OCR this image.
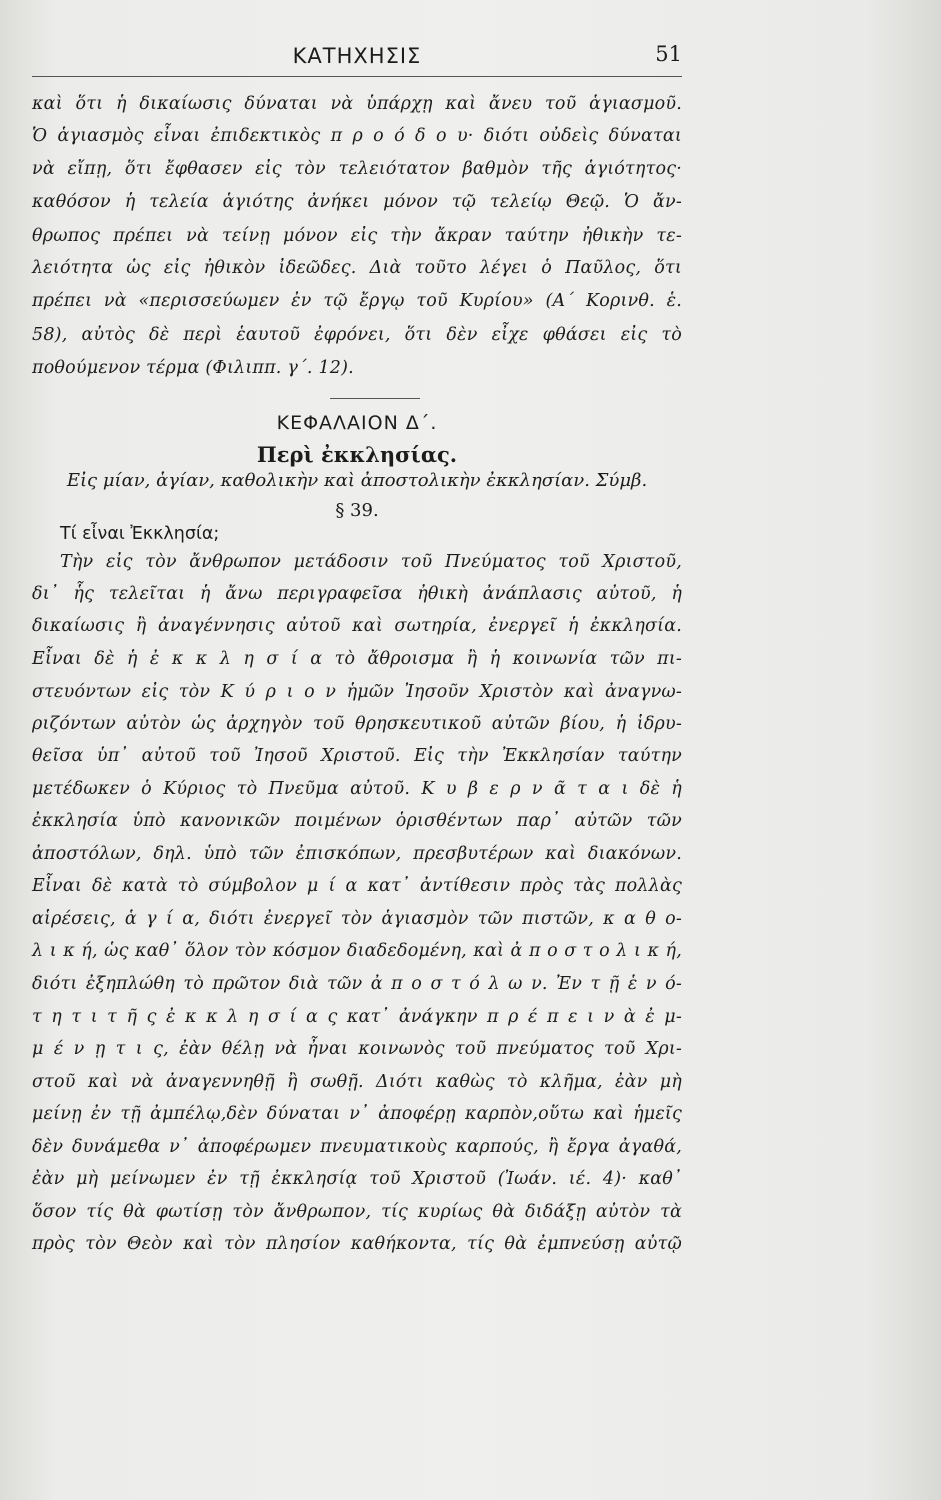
ΚΑΤΗΧΗΣΙΣ	51
καὶ ὅτι ἡ δικαίωσις δύναται νὰ ὑπάρχῃ καὶ ἄνευ τοῦ ἁγιασμοῦ.
Ὁ ἁγιασμὸς εἶναι ἐπιδεκτικὸς π ρ ο ό δ ο υ· διότι οὐδεὶς δύναται
νὰ εἴπῃ, ὅτι ἔφθασεν εἰς τὸν τελειότατον βαθμὸν τῆς ἁγιότητος·
καθόσον ἡ τελεία ἁγιότης ἀνήκει μόνον τῷ τελείῳ Θεῷ. Ὁ ἄν-
θρωπος πρέπει νὰ τείνῃ μόνον εἰς τὴν ἄκραν ταύτην ἠθικὴν τε-
λειότητα ὡς εἰς ἠθικὸν ἰδεῶδες. Διὰ τοῦτο λέγει ὁ Παῦλος, ὅτι
πρέπει νὰ «περισσεύωμεν ἐν τῷ ἔργῳ τοῦ Κυρίου» (Α΄ Κορινθ. ἑ.
58), αὐτὸς δὲ περὶ ἑαυτοῦ ἐφρόνει, ὅτι δὲν εἶχε φθάσει εἰς τὸ
ποθούμενον τέρμα (Φιλιππ. γ΄. 12).
ΚΕΦΑΛΑΙΟΝ Δ΄.
Περὶ ἐκκλησίας.
Εἰς μίαν, ἁγίαν, καθολικὴν καὶ ἀποστολικὴν ἐκκλησίαν. Σύμβ.
§ 39.
Τί εἶναι Ἐκκλησία;
Τὴν εἰς τὸν ἄνθρωπον μετάδοσιν τοῦ Πνεύματος τοῦ Χριστοῦ,
δι᾽ ἧς τελεῖται ἡ ἄνω περιγραφεῖσα ἠθικὴ ἀνάπλασις αὐτοῦ, ἡ
δικαίωσις ἢ ἀναγέννησις αὐτοῦ καὶ σωτηρία, ἐνεργεῖ ἡ ἐκκλησία.
Εἶναι δὲ ἡ ἐ κ κ λ η σ ί α τὸ ἄθροισμα ἢ ἡ κοινωνία τῶν πι-
στευόντων εἰς τὸν Κ ύ ρ ι ο ν ἡμῶν Ἰησοῦν Χριστὸν καὶ ἀναγνω-
ριζόντων αὐτὸν ὡς ἀρχηγὸν τοῦ θρησκευτικοῦ αὐτῶν βίου, ἡ ἱδρυ-
θεῖσα ὑπ᾽ αὐτοῦ τοῦ Ἰησοῦ Χριστοῦ. Εἰς τὴν Ἐκκλησίαν ταύτην
μετέδωκεν ὁ Κύριος τὸ Πνεῦμα αὐτοῦ. Κ υ β ε ρ ν ᾶ τ α ι δὲ ἡ
ἐκκλησία ὑπὸ κανονικῶν ποιμένων ὁρισθέντων παρ᾽ αὐτῶν τῶν
ἀποστόλων, δηλ. ὑπὸ τῶν ἐπισκόπων, πρεσβυτέρων καὶ διακόνων.
Εἶναι δὲ κατὰ τὸ σύμβολον μ ί α κατ᾽ ἀντίθεσιν πρὸς τὰς πολλὰς
αἱρέσεις, ἁ γ ί α, διότι ἐνεργεῖ τὸν ἁγιασμὸν τῶν πιστῶν, κ α θ ο-
λ ι κ ή, ὡς καθ᾽ ὅλον τὸν κόσμον διαδεδομένη, καὶ ἀ π ο σ τ ο λ ι κ ή,
διότι ἐξηπλώθη τὸ πρῶτον διὰ τῶν ἀ π ο σ τ ό λ ω ν. Ἐν τ ῇ ἑ ν ό-
τ η τ ι τ ῆ ς ἐ κ κ λ η σ ί α ς κατ᾽ ἀνάγκην π ρ έ π ε ι ν ὰ ἐ μ-
μ έ ν ῃ τ ι ς, ἐὰν θέλῃ νὰ ἦναι κοινωνὸς τοῦ πνεύματος τοῦ Χρι-
στοῦ καὶ νὰ ἀναγεννηθῇ ἢ σωθῇ. Διότι καθὼς τὸ κλῆμα, ἐὰν μὴ
μείνῃ ἐν τῇ ἀμπέλῳ,δὲν δύναται ν᾽ ἀποφέρῃ καρπὸν,οὕτω καὶ ἡμεῖς
δὲν δυνάμεθα ν᾽ ἀποφέρωμεν πνευματικοὺς καρπούς, ἢ ἔργα ἀγαθά,
ἐὰν μὴ μείνωμεν ἐν τῇ ἐκκλησίᾳ τοῦ Χριστοῦ (Ἰωάν. ιέ. 4)· καθ᾽
ὅσον τίς θὰ φωτίσῃ τὸν ἄνθρωπον, τίς κυρίως θὰ διδάξῃ αὐτὸν τὰ
πρὸς τὸν Θεὸν καὶ τὸν πλησίον καθήκοντα, τίς θὰ ἐμπνεύσῃ αὐτῷ
